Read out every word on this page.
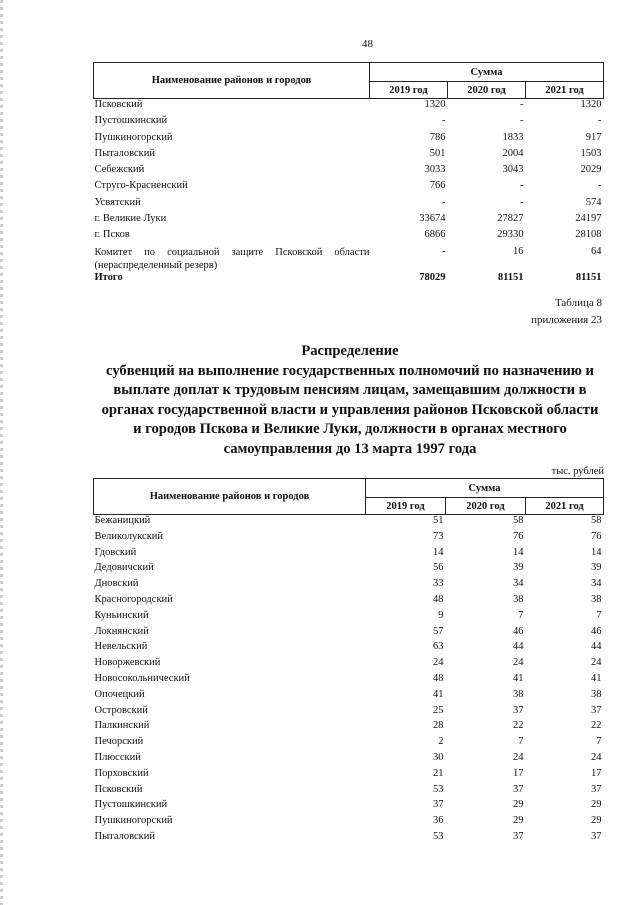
48
Наименование районов и городов	Сумма		
	2019 год	2020 год	2021 год
Псковский	1320	-	1320
Пустошкинский	-	-	-
Пушкиногорский	786	1833	917
Пыталовский	501	2004	1503
Себежский	3033	3043	2029
Струго-Красненский	766	-	-
Усвятский	-	-	574
г. Великие Луки	33674	27827	24197
г. Псков	6866	29330	28108
Комитет по социальной защите Псковской области (нераспределенный резерв)	-	16	64
Итого	78029	81151	81151
Таблица 8
приложения 23
Распределение
субвенций на выполнение государственных полномочий по назначению и
выплате доплат к трудовым пенсиям лицам, замещавшим должности в
органах государственной власти и управления районов Псковской области
и городов Пскова и Великие Луки, должности в органах местного
самоуправления до 13 марта 1997 года
тыс. рублей
Наименование районов и городов	Сумма		
	2019 год	2020 год	2021 год
Бежаницкий	51	58	58
Великолукский	73	76	76
Гдовский	14	14	14
Дедовичский	56	39	39
Дновский	33	34	34
Красногородский	48	38	38
Куньинский	9	7	7
Локнянский	57	46	46
Невельский	63	44	44
Новоржевский	24	24	24
Новосокольнический	48	41	41
Опочецкий	41	38	38
Островский	25	37	37
Палкинский	28	22	22
Печорский	2	7	7
Плюсский	30	24	24
Порховский	21	17	17
Псковский	53	37	37
Пустошкинский	37	29	29
Пушкиногорский	36	29	29
Пыталовский	53	37	37
